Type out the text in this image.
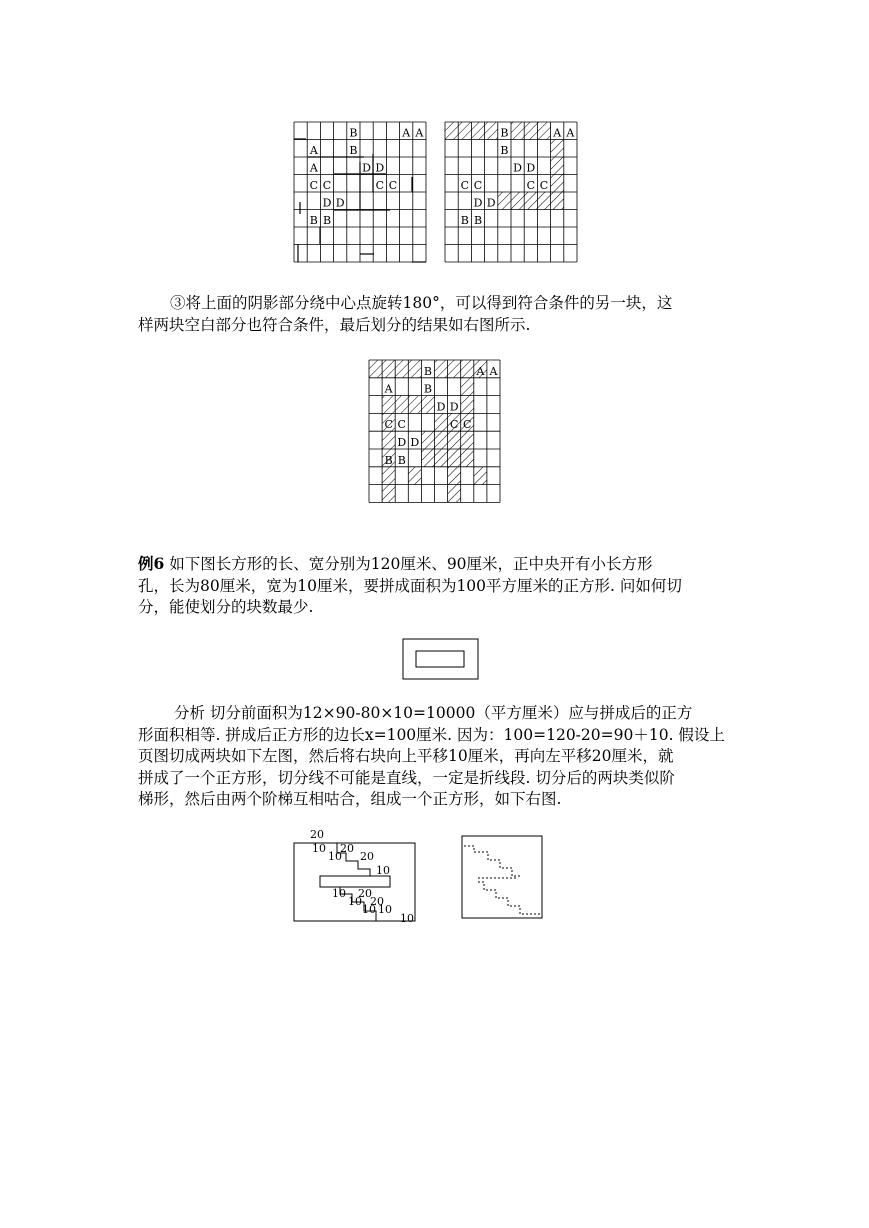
B	A A
A	B
A	D D
C C	C C
D D
B B
B	A A
B
D D
C C	C C
D D
B B
③将上面的阴影部分绕中心点旋转180°，可以得到符合条件的另一块，这
样两块空白部分也符合条件，最后划分的结果如右图所示.
B	A A
A	B
D D
C C	C C
D D
B B
例6 如下图长方形的长、宽分别为120厘米、90厘米，正中央开有小长方形
孔，长为80厘米，宽为10厘米，要拼成面积为100平方厘米的正方形. 问如何切
分，能使划分的块数最少.
分析 切分前面积为12×90-80×10=10000（平方厘米）应与拼成后的正方
形面积相等. 拼成后正方形的边长x=100厘米. 因为：100=120-20=90＋10. 假设上
页图切成两块如下左图，然后将右块向上平移10厘米，再向左平移20厘米，就
拼成了一个正方形，切分线不可能是直线，一定是折线段. 切分后的两块类似阶
梯形，然后由两个阶梯互相咕合，组成一个正方形，如下右图.
20
10 20
10 20
10
10 20
10 20
10 10
10
